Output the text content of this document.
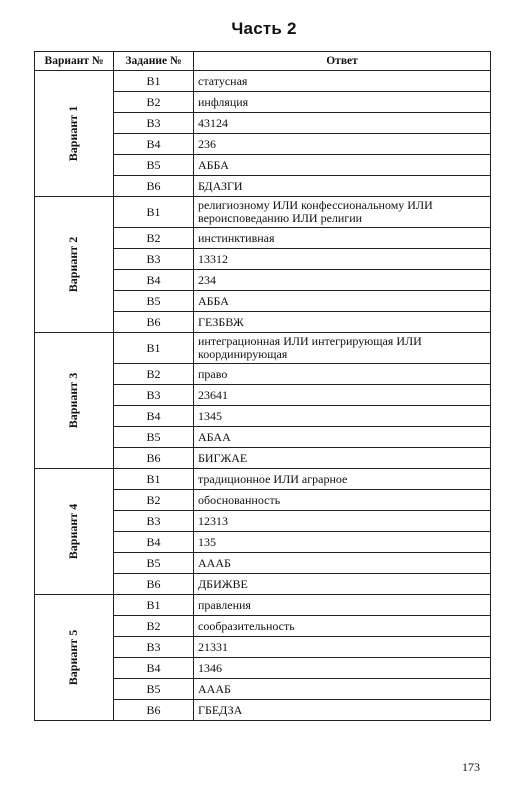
Часть 2
Вариант №	Задание №	Ответ
Вариант 1	B1	статусная
	B2	инфляция
	B3	43124
	B4	236
	B5	АББА
	B6	БДАЗГИ
Вариант 2	B1	религиозному ИЛИ конфессиональному ИЛИ вероисповеданию ИЛИ религии
	B2	инстинктивная
	B3	13312
	B4	234
	B5	АББА
	B6	ГЕЗБВЖ
Вариант 3	B1	интеграционная ИЛИ интегрирующая ИЛИ координирующая
	B2	право
	B3	23641
	B4	1345
	B5	АБАА
	B6	БИГЖАЕ
Вариант 4	B1	традиционное ИЛИ аграрное
	B2	обоснованность
	B3	12313
	B4	135
	B5	АААБ
	B6	ДБИЖВЕ
Вариант 5	B1	правления
	B2	сообразительность
	B3	21331
	B4	1346
	B5	АААБ
	B6	ГБЕДЗА
173
